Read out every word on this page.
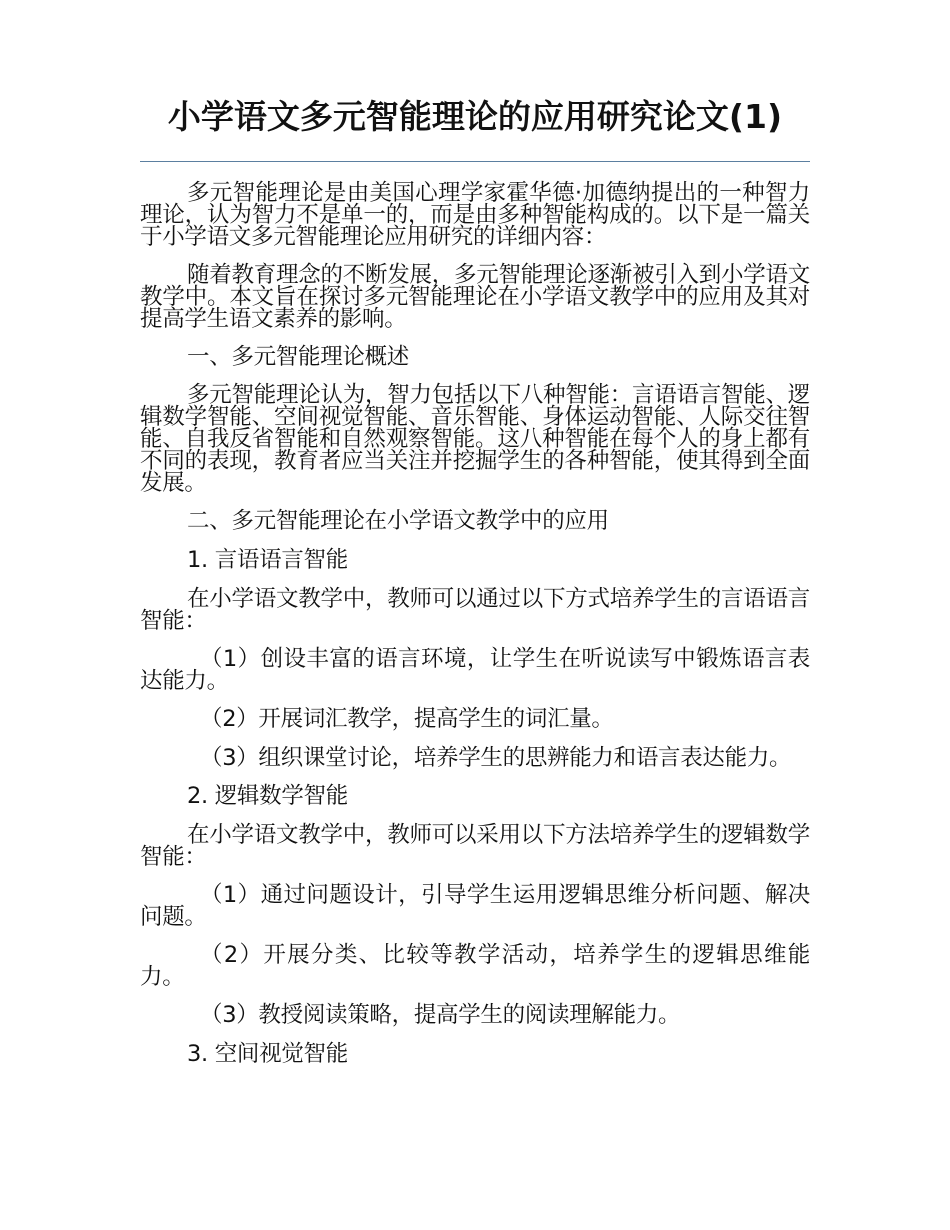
小学语文多元智能理论的应用研究论文(1)

多元智能理论是由美国心理学家霍华德·加德纳提出的一种智力理论，认为智力不是单一的，而是由多种智能构成的。以下是一篇关于小学语文多元智能理论应用研究的详细内容：

随着教育理念的不断发展，多元智能理论逐渐被引入到小学语文教学中。本文旨在探讨多元智能理论在小学语文教学中的应用及其对提高学生语文素养的影响。

一、多元智能理论概述

多元智能理论认为，智力包括以下八种智能：言语语言智能、逻辑数学智能、空间视觉智能、音乐智能、身体运动智能、人际交往智能、自我反省智能和自然观察智能。这八种智能在每个人的身上都有不同的表现，教育者应当关注并挖掘学生的各种智能，使其得到全面发展。

二、多元智能理论在小学语文教学中的应用

1. 言语语言智能

在小学语文教学中，教师可以通过以下方式培养学生的言语语言智能：

（1）创设丰富的语言环境，让学生在听说读写中锻炼语言表达能力。

（2）开展词汇教学，提高学生的词汇量。

（3）组织课堂讨论，培养学生的思辨能力和语言表达能力。

2. 逻辑数学智能

在小学语文教学中，教师可以采用以下方法培养学生的逻辑数学智能：

（1）通过问题设计，引导学生运用逻辑思维分析问题、解决问题。

（2）开展分类、比较等教学活动，培养学生的逻辑思维能力。

（3）教授阅读策略，提高学生的阅读理解能力。

3. 空间视觉智能
